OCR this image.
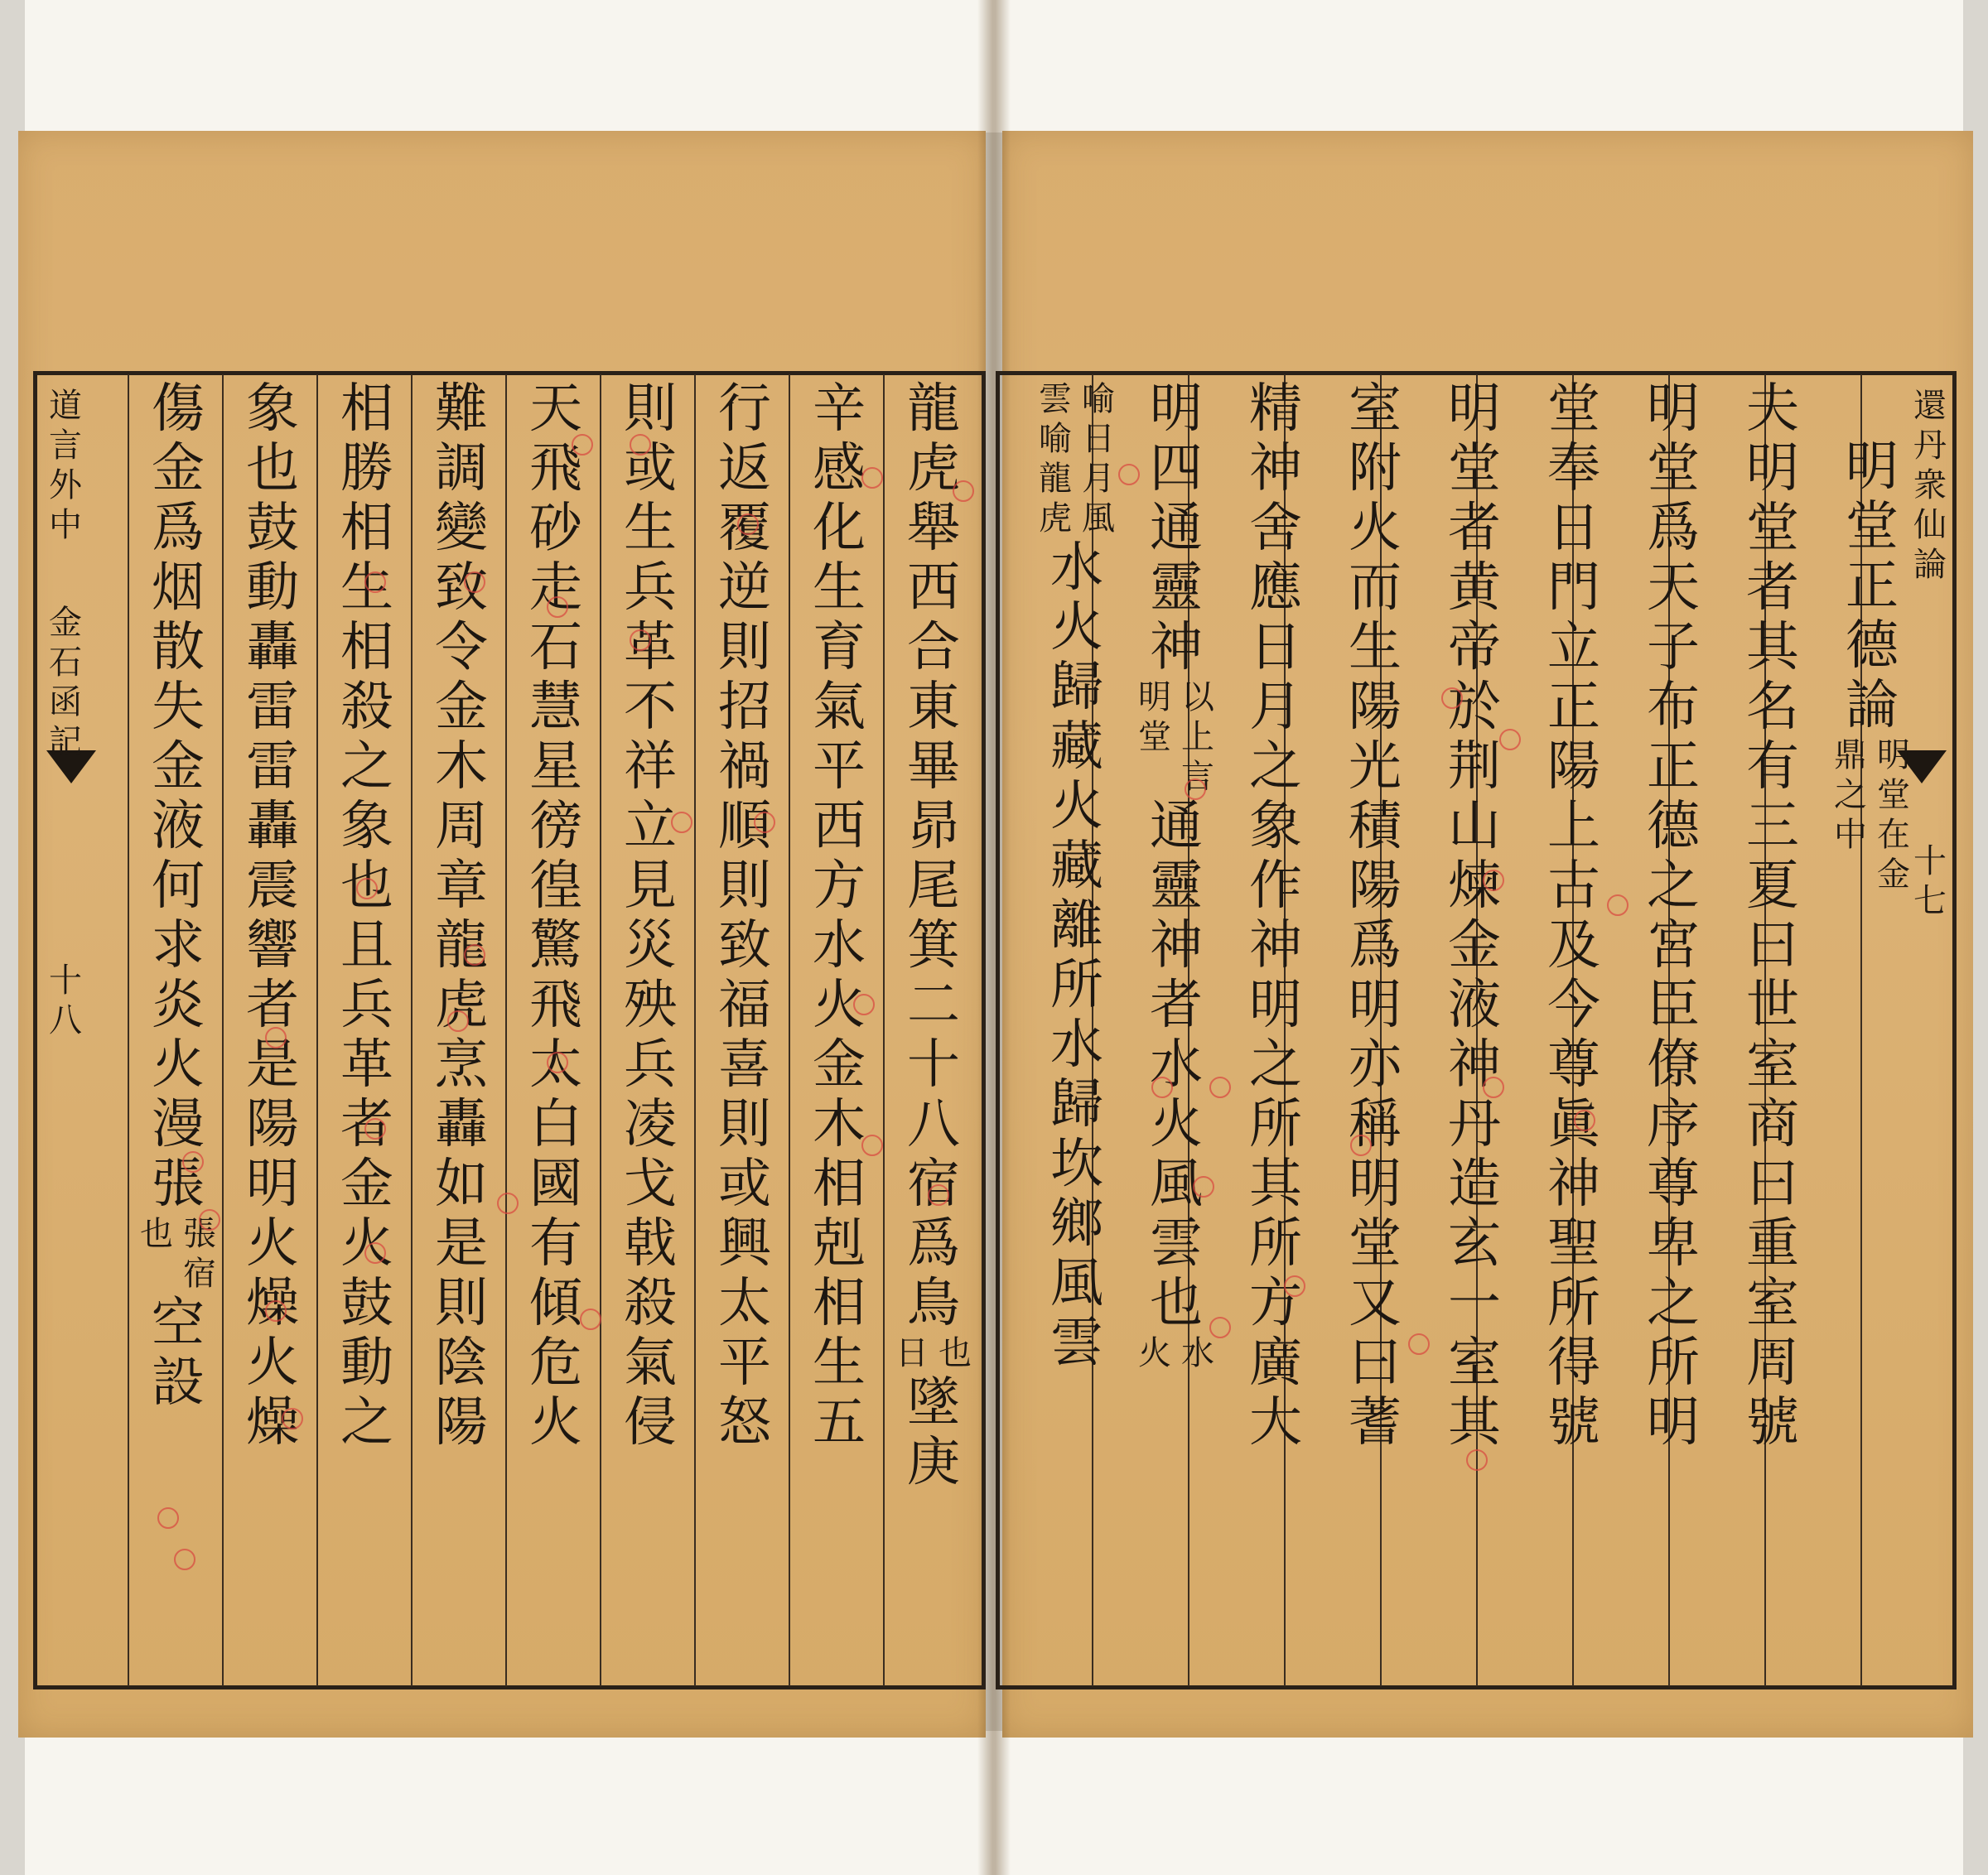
還
丹
衆
仙
論
十
七
道
言
外
中
金
石
函
記
十
八
明
堂
正
德
論
鼎
之
中
明
堂
在
金
夫
明
堂
者
其
名
有
三
夏
曰
世
室
商
曰
重
室
周
號
明
堂
爲
天
子
布
正
德
之
宮
臣
僚
序
尊
卑
之
所
明
堂
奉
日
門
立
正
陽
上
古
及
今
尊
眞
神
聖
所
得
號
明
堂
者
黄
帝
於
荆
山
煉
金
液
神
丹
造
玄
一
室
其
室
附
火
而
生
陽
光
積
陽
爲
明
亦
稱
明
堂
又
曰
蓍
精
神
舍
應
日
月
之
象
作
神
明
之
所
其
所
方
廣
大
明
四
通
靈
神
明
堂
以
上
言
通
靈
神
者
水
火
風
雲
也
火 水
雲
喻
龍
虎
喻
日
月
風
水
火
歸
藏
火
藏
離
所
水
歸
坎
鄉
風
雲
龍
虎
舉
西
合
東
畢
昴
尾
箕
二
十
八
宿
爲
鳥
日 也
墜
庚
辛
感
化
生
育
氣
平
西
方
水
火
金
木
相
剋
相
生
五
行
返
覆
逆
則
招
禍
順
則
致
福
喜
則
或
興
太
平
怒
則
或
生
兵
革
不
祥
立
見
災
殃
兵
凌
戈
戟
殺
氣
侵
天
飛
砂
走
石
慧
星
徬
徨
驚
飛
太
白
國
有
傾
危
火
難
調
變
致
令
金
木
周
章
龍
虎
烹
轟
如
是
則
陰
陽
相
勝
相
生
相
殺
之
象
也
且
兵
革
者
金
火
鼓
動
之
象
也
鼓
動
轟
雷
雷
轟
震
響
者
是
陽
明
火
燥
火
燥
傷
金
爲
烟
散
失
金
液
何
求
炎
火
漫
張
也 張
宿
空
設
